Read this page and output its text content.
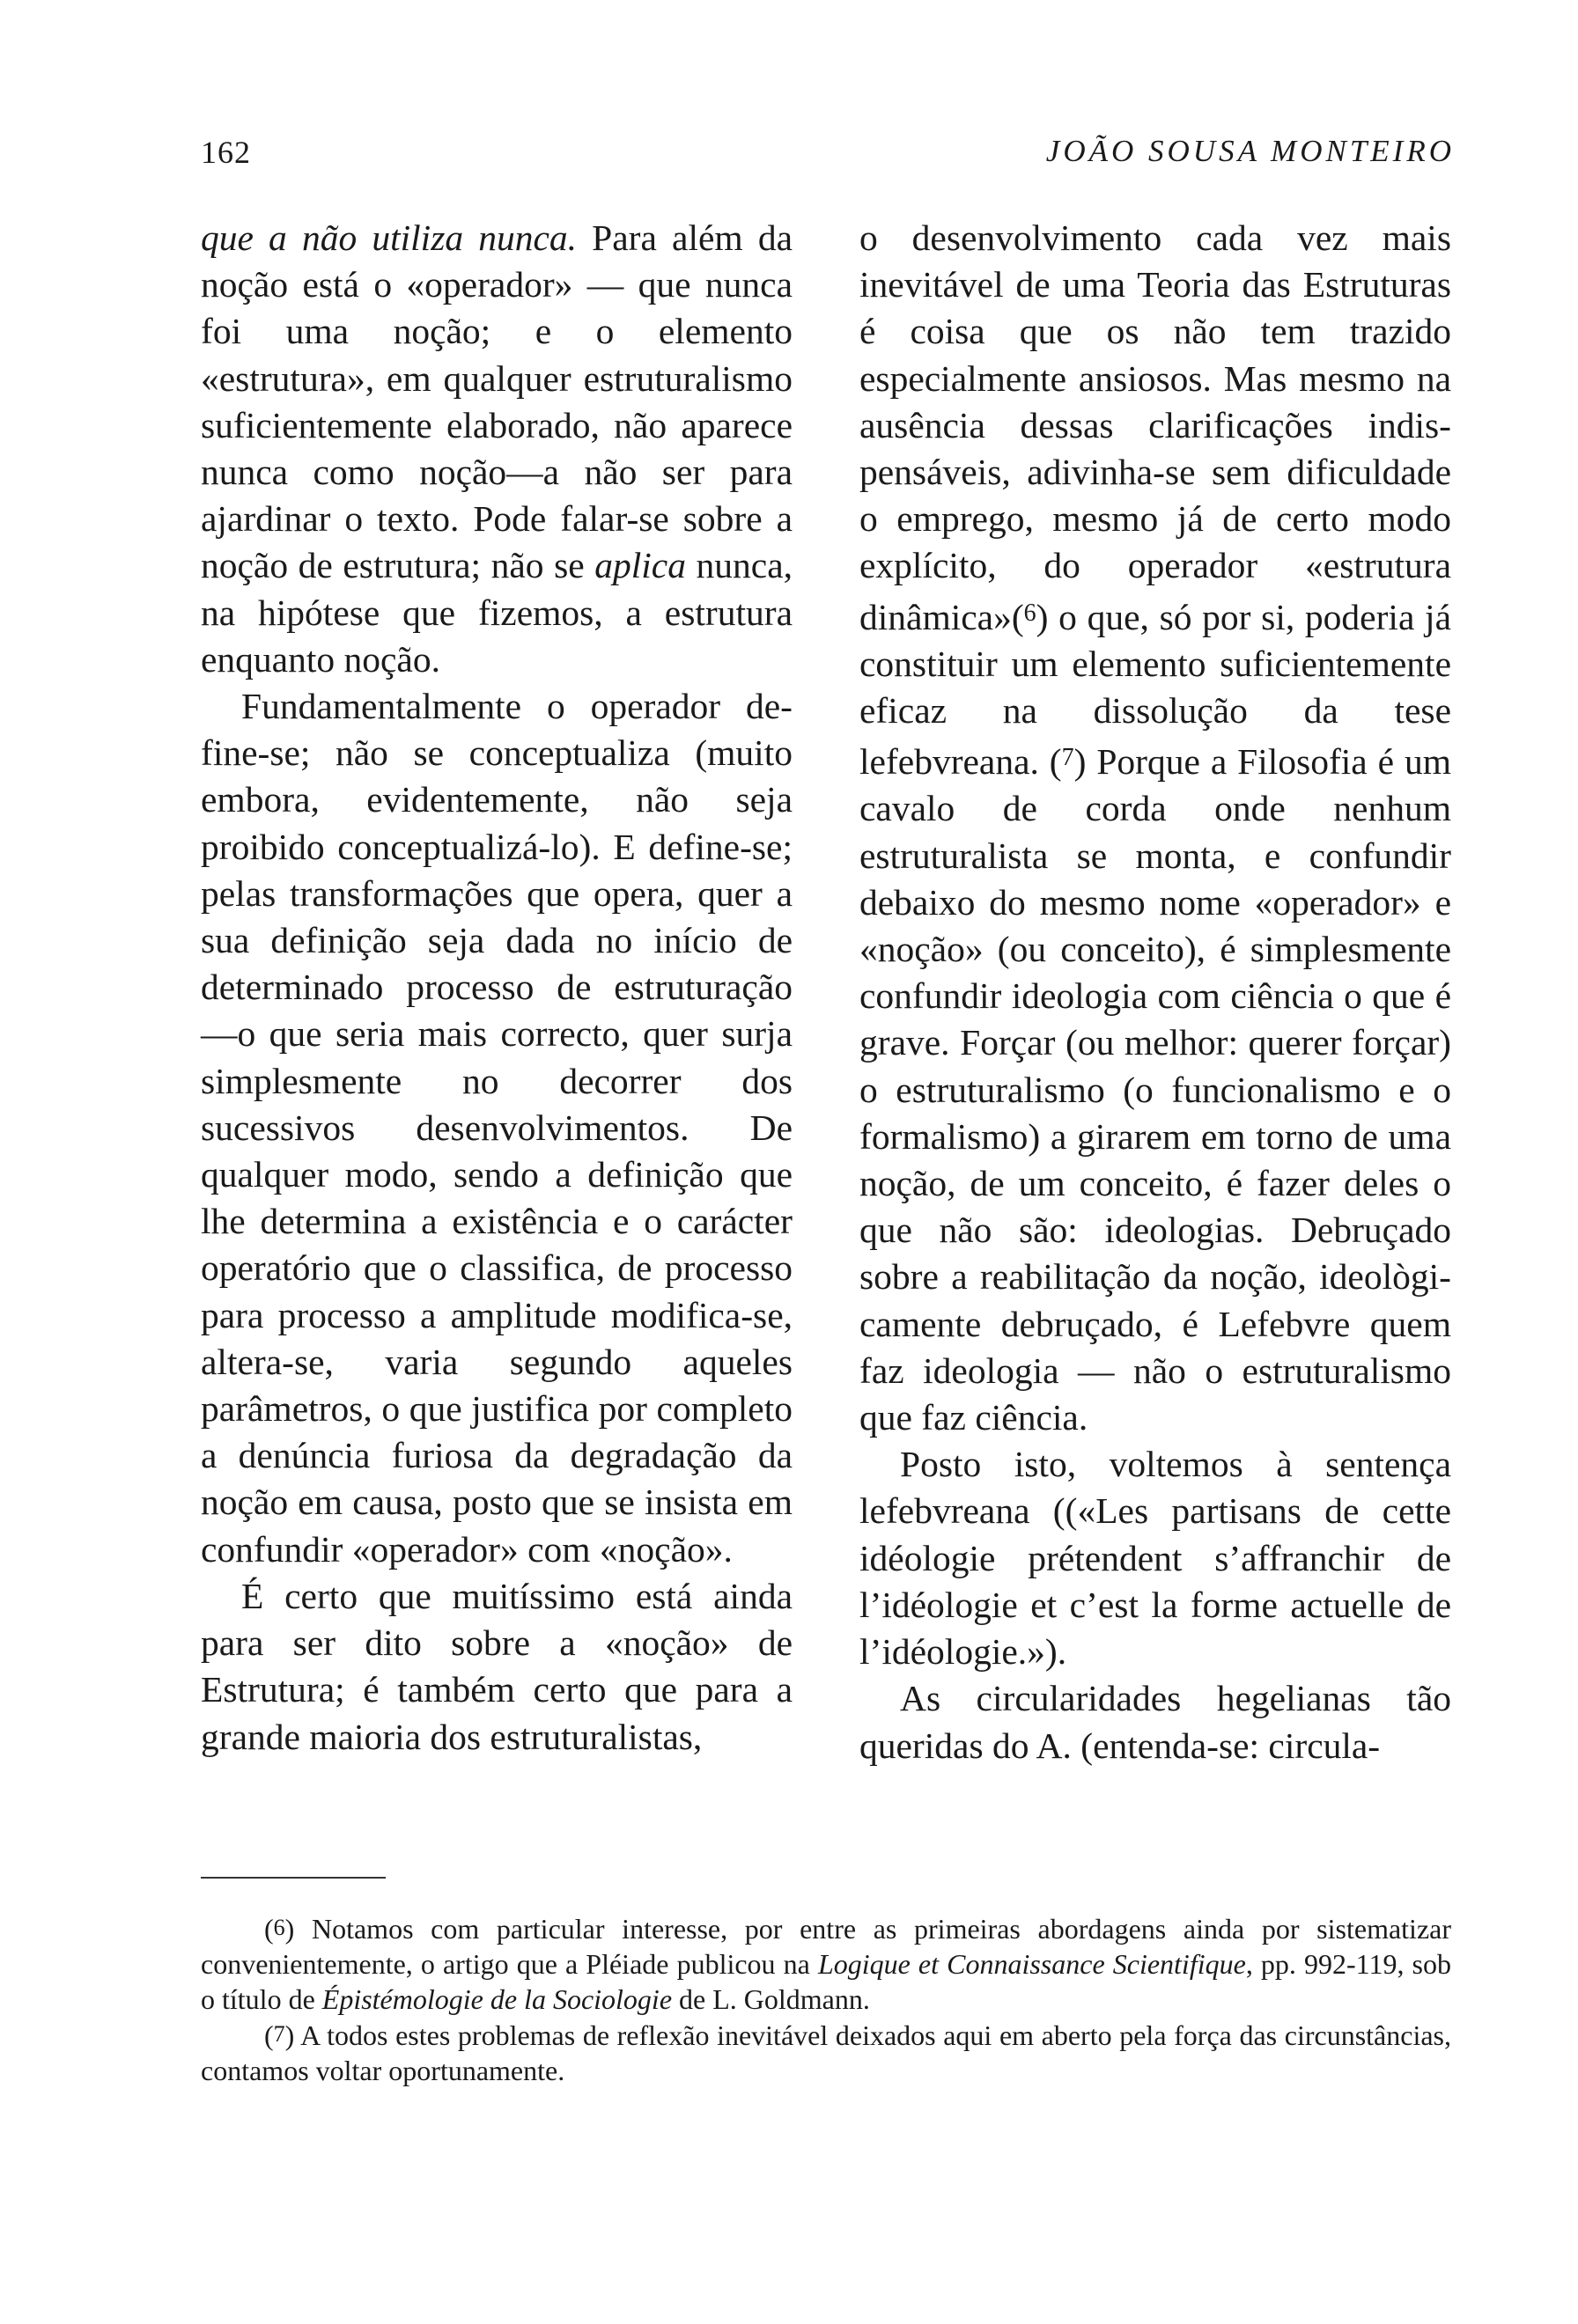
162	JOÃO SOUSA MONTEIRO

que a não utiliza nunca. Para além da noção está o «operador» — que nunca foi uma noção; e o elemento «estrutura», em qualquer estruturalismo suficientemente elaborado, não aparece nunca como noção—a não ser para ajardinar o texto. Pode falar-se sobre a noção de estrutura; não se aplica nunca, na hipótese que fizemos, a estrutura enquanto noção.

Fundamentalmente o operador define-se; não se conceptualiza (muito embora, evidentemente, não seja proibido conceptualizá-lo). E define-se; pelas transformações que opera, quer a sua definição seja dada no início de determinado processo de estruturação —o que seria mais correcto, quer surja simplesmente no decorrer dos sucessivos desenvolvimentos. De qualquer modo, sendo a definição que lhe determina a existência e o carácter operatório que o classifica, de processo para processo a amplitude modifica-se, altera-se, varia segundo aqueles parâmetros, o que justifica por completo a denúncia furiosa da degradação da noção em causa, posto que se insista em confundir «operador» com «noção».

É certo que muitíssimo está ainda para ser dito sobre a «noção» de Estrutura; é também certo que para a grande maioria dos estruturalistas,

o desenvolvimento cada vez mais inevitável de uma Teoria das Estruturas é coisa que os não tem trazido especialmente ansiosos. Mas mesmo na ausência dessas clarificações indispensáveis, adivinha-se sem dificuldade o emprego, mesmo já de certo modo explícito, do operador «estrutura dinâmica»($^6$) o que, só por si, poderia já constituir um elemento suficientemente eficaz na dissolução da tese lefebvreana. ($^7$) Porque a Filosofia é um cavalo de corda onde nenhum estruturalista se monta, e confundir debaixo do mesmo nome «operador» e «noção» (ou conceito), é simplesmente confundir ideologia com ciência o que é grave. Forçar (ou melhor: querer forçar) o estruturalismo (o funcionalismo e o formalismo) a girarem em torno de uma noção, de um conceito, é fazer deles o que não são: ideologias. Debruçado sobre a reabilitação da noção, ideològicamente debruçado, é Lefebvre quem faz ideologia — não o estruturalismo que faz ciência.

Posto isto, voltemos à sentença lefebvreana ((«Les partisans de cette idéologie prétendent s’affranchir de l’idéologie et c’est la forme actuelle de l’idéologie.»).

As circularidades hegelianas tão queridas do A. (entenda-se: circula-

(6) Notamos com particular interesse, por entre as primeiras abordagens ainda por sistematizar convenientemente, o artigo que a Pléiade publicou na Logique et Connaissance Scientifique, pp. 992-119, sob o título de Épistémologie de la Sociologie de L. Goldmann.

(7) A todos estes problemas de reflexão inevitável deixados aqui em aberto pela força das circunstâncias, contamos voltar oportunamente.
